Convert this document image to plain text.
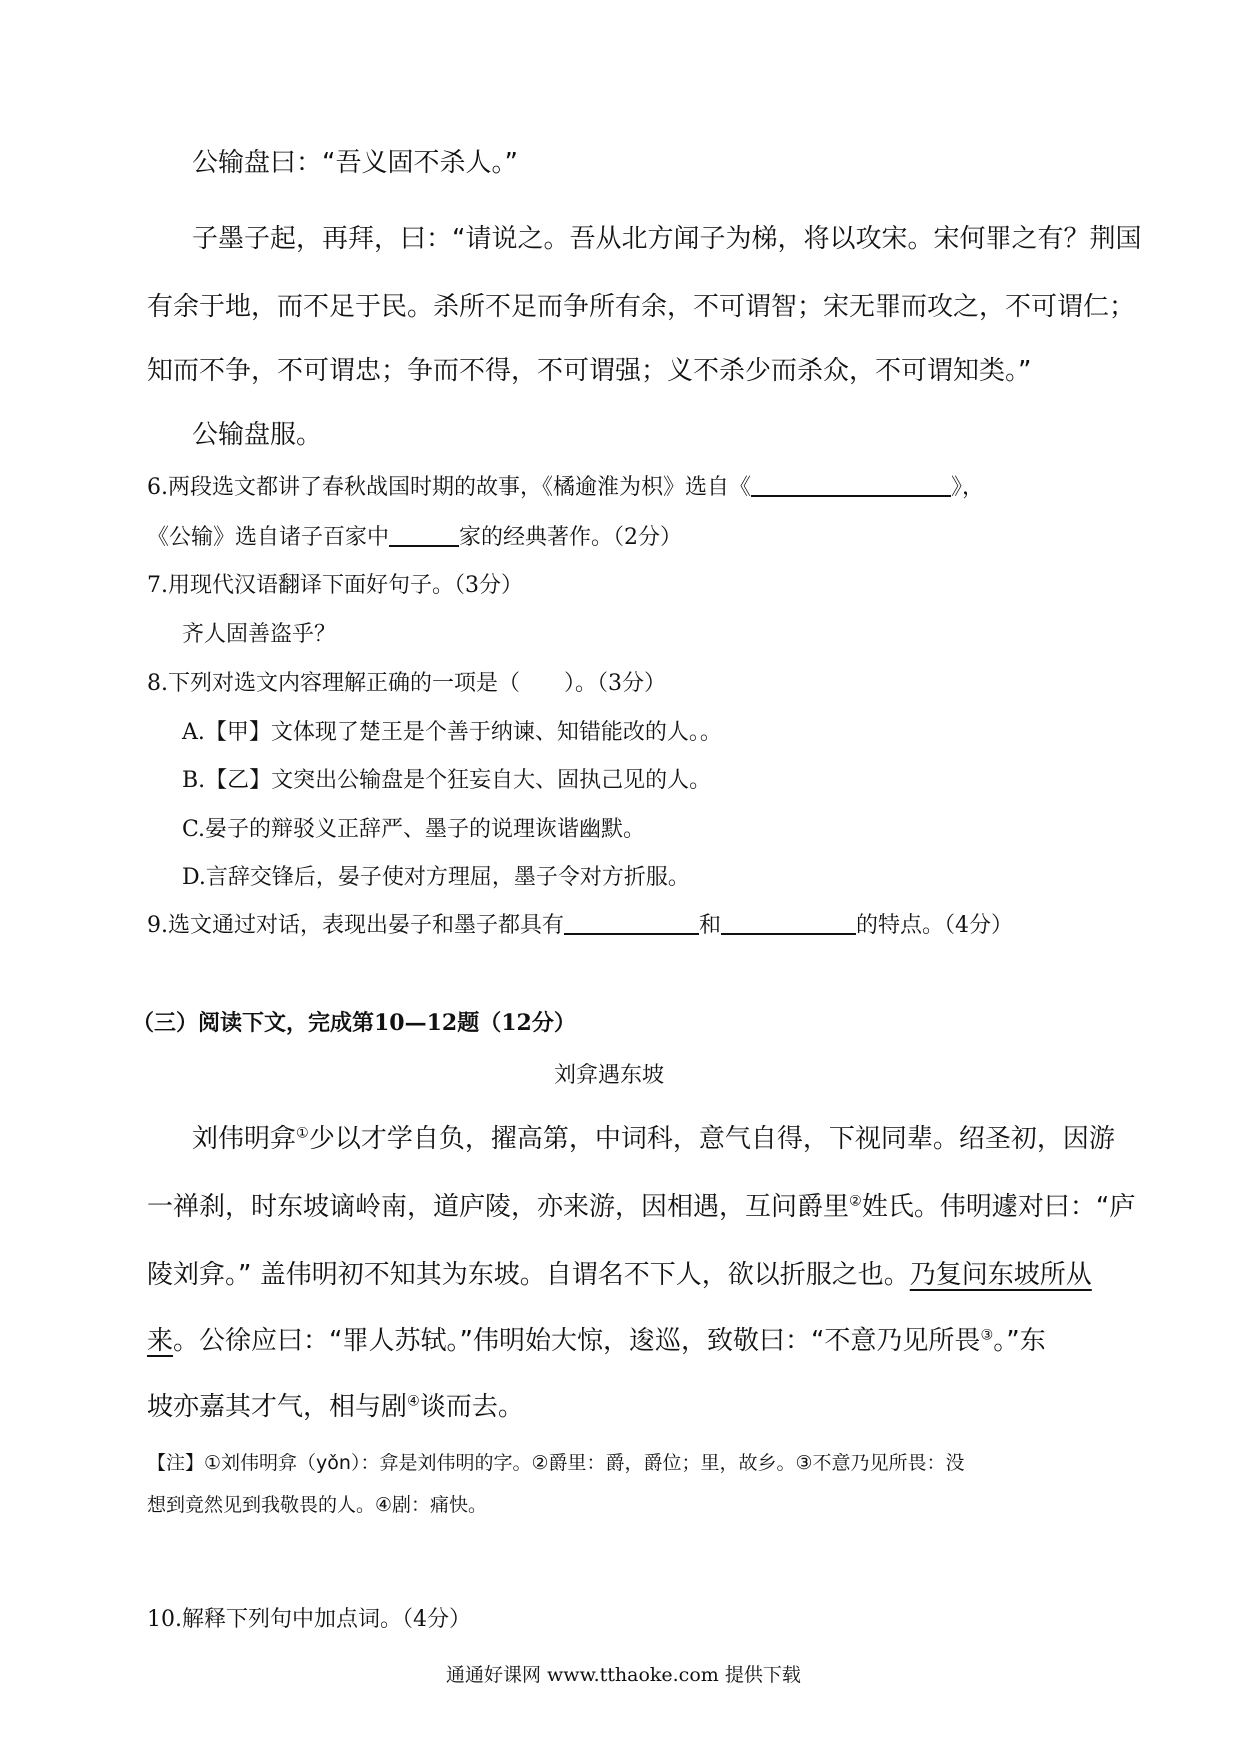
公输盘曰：“吾义固不杀人。”
子墨子起，再拜，曰：“请说之。吾从北方闻子为梯，将以攻宋。宋何罪之有？荆国
有余于地，而不足于民。杀所不足而争所有余，不可谓智；宋无罪而攻之，不可谓仁；
知而不争，不可谓忠；争而不得，不可谓强；义不杀少而杀众，不可谓知类。”
公输盘服。
6.两段选文都讲了春秋战国时期的故事，《橘逾淮为枳》选自《	》，
《公输》选自诸子百家中	家的经典著作。（2分）
7.用现代汉语翻译下面好句子。（3分）
齐人固善盗乎？
8.下列对选文内容理解正确的一项是（　　）。（3分）
A.【甲】文体现了楚王是个善于纳谏、知错能改的人。。
B.【乙】文突出公输盘是个狂妄自大、固执己见的人。
C.晏子的辩驳义正辞严、墨子的说理诙谐幽默。
D.言辞交锋后，晏子使对方理屈，墨子令对方折服。
9.选文通过对话，表现出晏子和墨子都具有	和	的特点。（4分）
（三）阅读下文，完成第10—12题（12分）
刘弇遇东坡
刘伟明弇①少以才学自负，擢高第，中词科，意气自得，下视同辈。绍圣初，因游
一禅刹，时东坡谪岭南，道庐陵，亦来游，因相遇，互问爵里②姓氏。伟明遽对曰：“庐
陵刘弇。” 盖伟明初不知其为东坡。自谓名不下人，欲以折服之也。乃复问东坡所从
来。公徐应曰：“罪人苏轼。”伟明始大惊，逡巡，致敬曰：“不意乃见所畏③。”东
坡亦嘉其才气，相与剧④谈而去。
【注】①刘伟明弇（yǒn）：弇是刘伟明的字。②爵里：爵，爵位；里，故乡。③不意乃见所畏：没
想到竟然见到我敬畏的人。④剧：痛快。
10.解释下列句中加点词。（4分）
通通好课网 www.tthaoke.com 提供下载
